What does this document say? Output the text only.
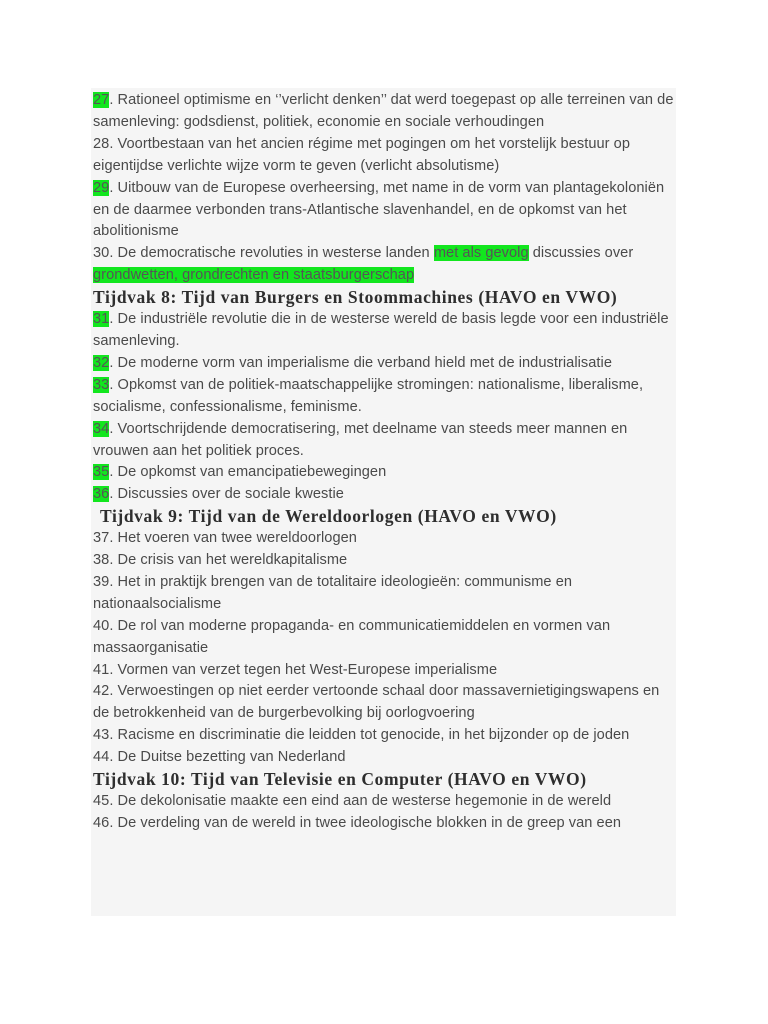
27. Rationeel optimisme en ‘’verlicht denken’’ dat werd toegepast op alle terreinen van de samenleving: godsdienst, politiek, economie en sociale verhoudingen

28. Voortbestaan van het ancien régime met pogingen om het vorstelijk bestuur op eigentijdse verlichte wijze vorm te geven (verlicht absolutisme)

29. Uitbouw van de Europese overheersing, met name in de vorm van plantagekoloniën en de daarmee verbonden trans-Atlantische slavenhandel, en de opkomst van het abolitionisme

30. De democratische revoluties in westerse landen met als gevolg discussies over grondwetten, grondrechten en staatsburgerschap

Tijdvak 8: Tijd van Burgers en Stoommachines (HAVO en VWO)

31. De industriële revolutie die in de westerse wereld de basis legde voor een industriële samenleving.

32. De moderne vorm van imperialisme die verband hield met de industrialisatie

33. Opkomst van de politiek-maatschappelijke stromingen: nationalisme, liberalisme, socialisme, confessionalisme, feminisme.

34. Voortschrijdende democratisering, met deelname van steeds meer mannen en vrouwen aan het politiek proces.

35. De opkomst van emancipatiebewegingen

36. Discussies over de sociale kwestie

Tijdvak 9: Tijd van de Wereldoorlogen (HAVO en VWO)

37. Het voeren van twee wereldoorlogen

38. De crisis van het wereldkapitalisme

39. Het in praktijk brengen van de totalitaire ideologieën: communisme en nationaalsocialisme

40. De rol van moderne propaganda- en communicatiemiddelen en vormen van massaorganisatie

41. Vormen van verzet tegen het West-Europese imperialisme

42. Verwoestingen op niet eerder vertoonde schaal door massavernietigingswapens en de betrokkenheid van de burgerbevolking bij oorlogvoering

43. Racisme en discriminatie die leidden tot genocide, in het bijzonder op de joden

44. De Duitse bezetting van Nederland

Tijdvak 10: Tijd van Televisie en Computer (HAVO en VWO)

45. De dekolonisatie maakte een eind aan de westerse hegemonie in de wereld

46. De verdeling van de wereld in twee ideologische blokken in de greep van een
